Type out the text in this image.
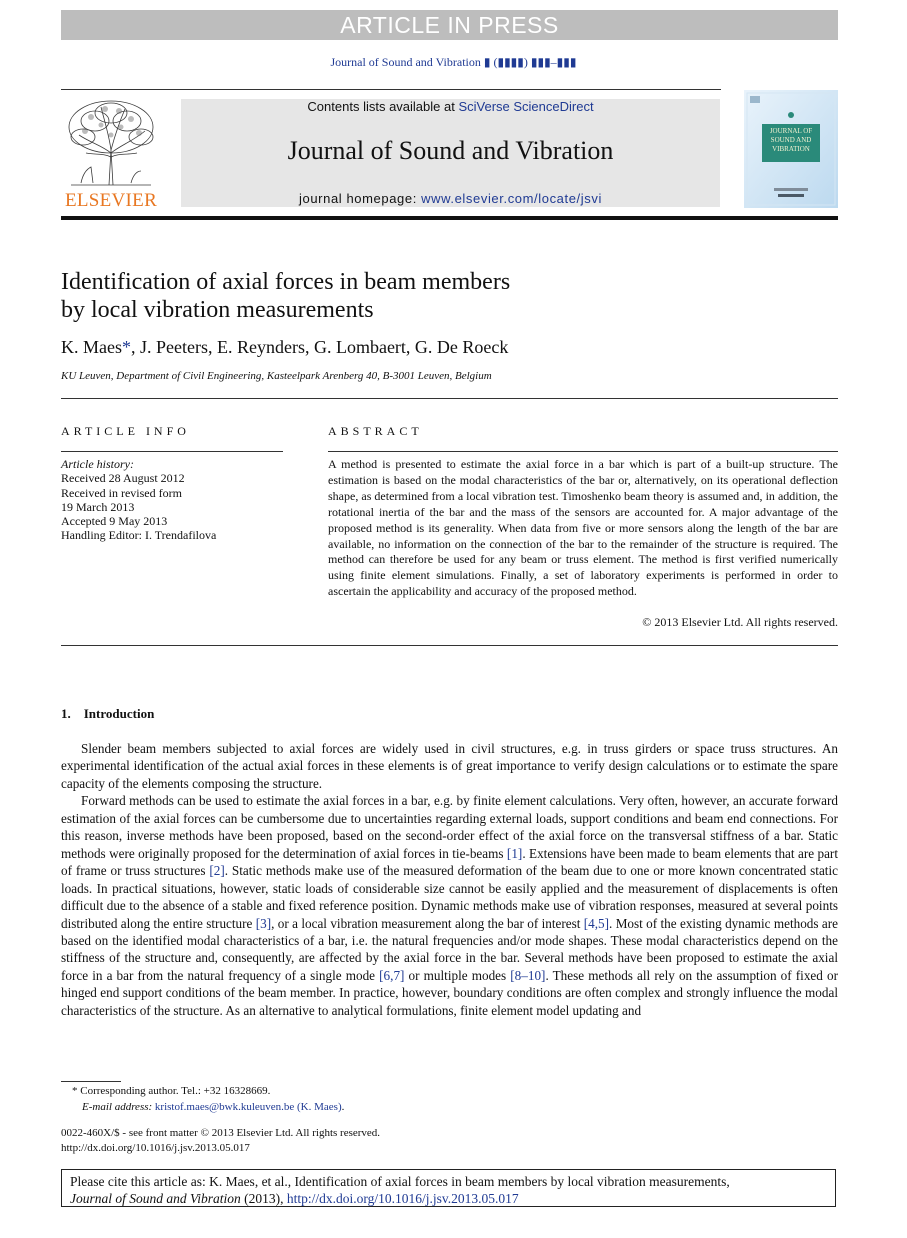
ARTICLE IN PRESS
Journal of Sound and Vibration ▮ (▮▮▮▮) ▮▮▮–▮▮▮
ELSEVIER
Contents lists available at SciVerse ScienceDirect
Journal of Sound and Vibration
journal homepage: www.elsevier.com/locate/jsvi
JOURNAL OF
SOUND AND
VIBRATION
Identification of axial forces in beam members
by local vibration measurements
K. Maes*, J. Peeters, E. Reynders, G. Lombaert, G. De Roeck
KU Leuven, Department of Civil Engineering, Kasteelpark Arenberg 40, B-3001 Leuven, Belgium
ARTICLE INFO	ABSTRACT
Article history:
Received 28 August 2012
Received in revised form
19 March 2013
Accepted 9 May 2013
Handling Editor: I. Trendafilova
A method is presented to estimate the axial force in a bar which is part of a built-up structure. The estimation is based on the modal characteristics of the bar or, alternatively, on its operational deflection shape, as determined from a local vibration test. Timoshenko beam theory is assumed and, in addition, the rotational inertia of the bar and the mass of the sensors are accounted for. A major advantage of the proposed method is its generality. When data from five or more sensors along the length of the bar are available, no information on the connection of the bar to the remainder of the structure is required. The method can therefore be used for any beam or truss element. The method is first verified numerically using finite element simulations. Finally, a set of laboratory experiments is performed in order to ascertain the applicability and accuracy of the proposed method.
© 2013 Elsevier Ltd. All rights reserved.
1. Introduction

Slender beam members subjected to axial forces are widely used in civil structures, e.g. in truss girders or space truss structures. An experimental identification of the actual axial forces in these elements is of great importance to verify design calculations or to estimate the spare capacity of the elements composing the structure.

Forward methods can be used to estimate the axial forces in a bar, e.g. by finite element calculations. Very often, however, an accurate forward estimation of the axial forces can be cumbersome due to uncertainties regarding external loads, support conditions and beam end connections. For this reason, inverse methods have been proposed, based on the second-order effect of the axial force on the transversal stiffness of a bar. Static methods were originally proposed for the determination of axial forces in tie-beams [1]. Extensions have been made to beam elements that are part of frame or truss structures [2]. Static methods make use of the measured deformation of the beam due to one or more known concentrated static loads. In practical situations, however, static loads of considerable size cannot be easily applied and the measurement of displacements is often difficult due to the absence of a stable and fixed reference position. Dynamic methods make use of vibration responses, measured at several points distributed along the entire structure [3], or a local vibration measurement along the bar of interest [4,5]. Most of the existing dynamic methods are based on the identified modal characteristics of a bar, i.e. the natural frequencies and/or mode shapes. These modal characteristics depend on the stiffness of the structure and, consequently, are affected by the axial force in the bar. Several methods have been proposed to estimate the axial force in a bar from the natural frequency of a single mode [6,7] or multiple modes [8–10]. These methods all rely on the assumption of fixed or hinged end support conditions of the beam member. In practice, however, boundary conditions are often complex and strongly influence the modal characteristics of the structure. As an alternative to analytical formulations, finite element model updating and

* Corresponding author. Tel.: +32 16328669.
E-mail address: kristof.maes@bwk.kuleuven.be (K. Maes).
0022-460X/$ - see front matter © 2013 Elsevier Ltd. All rights reserved.
http://dx.doi.org/10.1016/j.jsv.2013.05.017
Please cite this article as: K. Maes, et al., Identification of axial forces in beam members by local vibration measurements,
Journal of Sound and Vibration (2013), http://dx.doi.org/10.1016/j.jsv.2013.05.017
